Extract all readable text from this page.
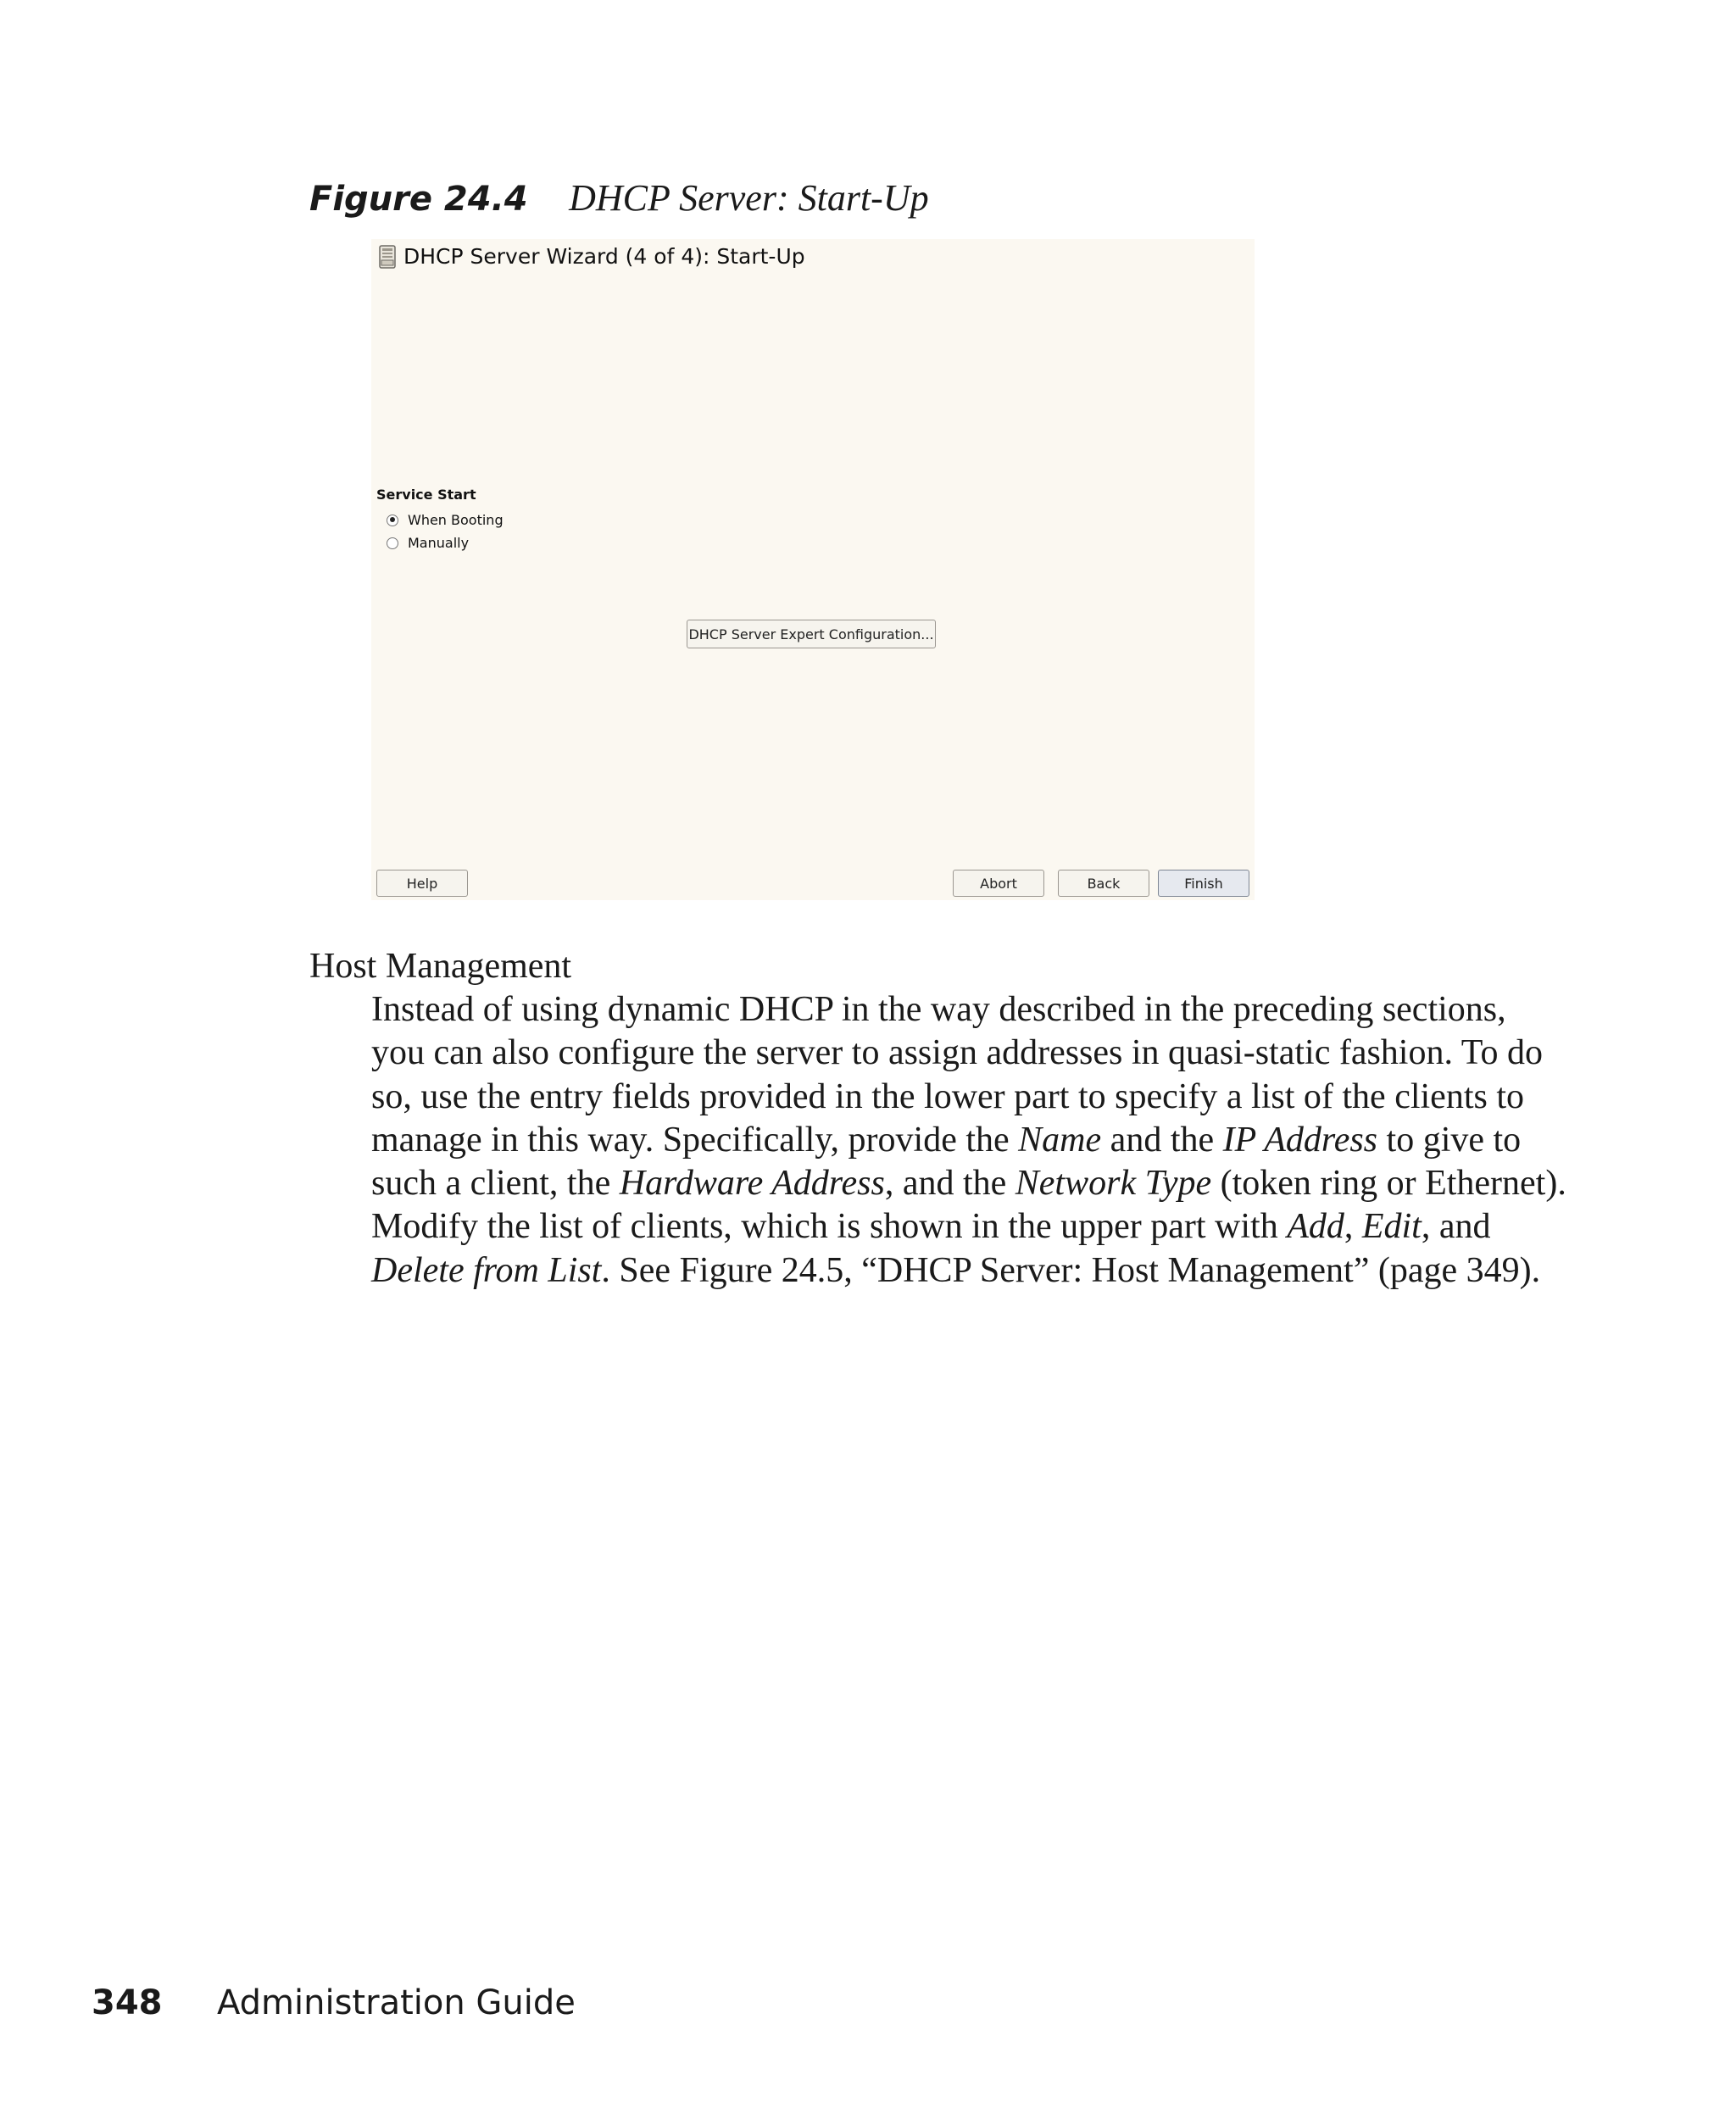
Figure 24.4 DHCP Server: Start-Up
DHCP Server Wizard (4 of 4): Start-Up
Service Start
When Booting
Manually
DHCP Server Expert Configuration...
Help	Abort	Back	Finish
Host Management
Instead of using dynamic DHCP in the way described in the preceding sections,
you can also configure the server to assign addresses in quasi-static fashion. To do
so, use the entry fields provided in the lower part to specify a list of the clients to
manage in this way. Specifically, provide the Name and the IP Address to give to
such a client, the Hardware Address, and the Network Type (token ring or Ethernet).
Modify the list of clients, which is shown in the upper part with Add, Edit, and
Delete from List. See Figure 24.5, “DHCP Server: Host Management” (page 349).
348	Administration Guide
